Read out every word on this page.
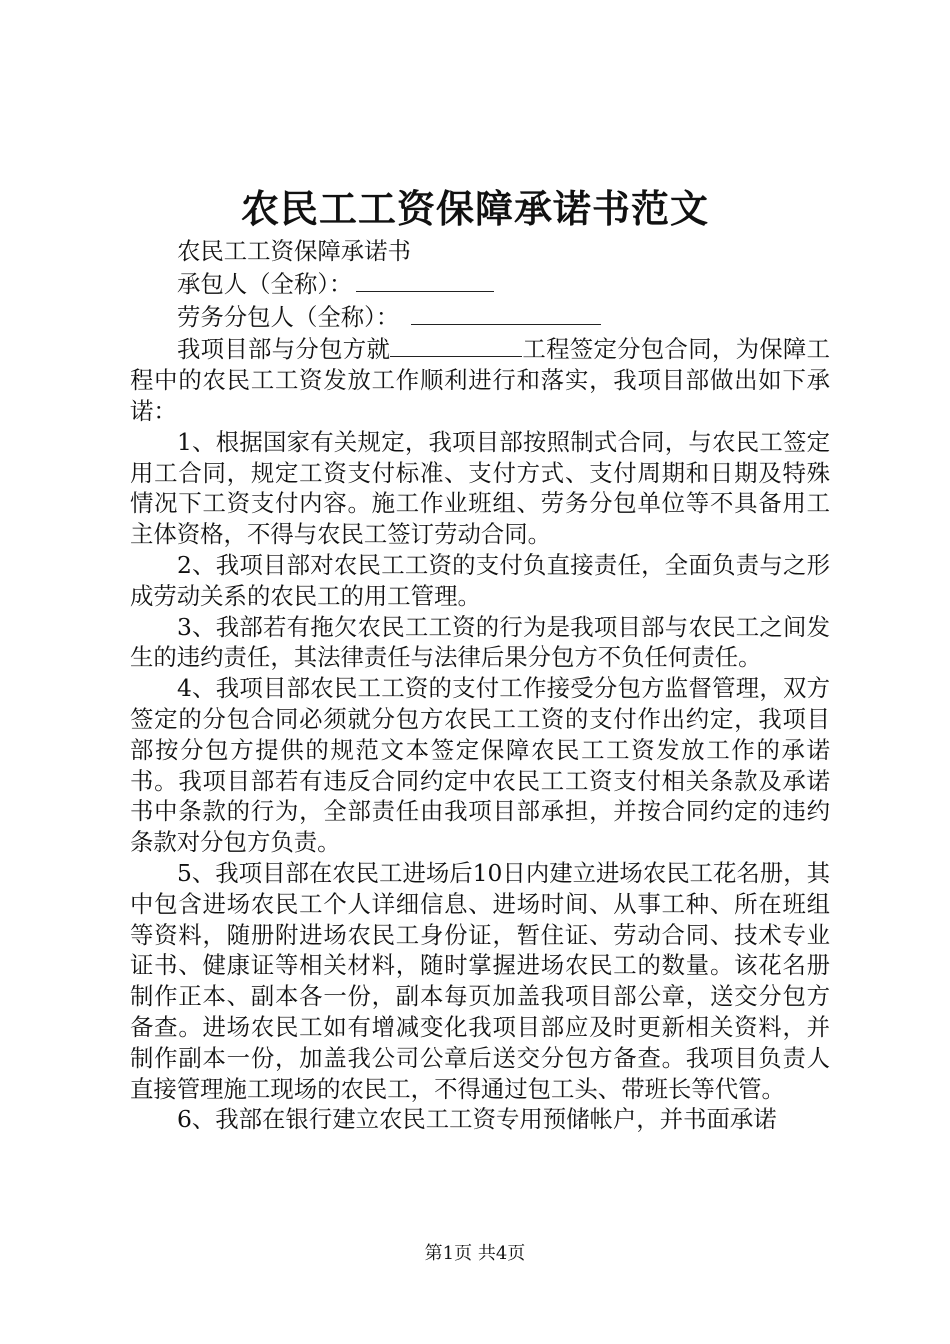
农民工工资保障承诺书范文

农民工工资保障承诺书

承包人（全称）：

劳务分包人（全称）：

我项目部与分包方就	工程签定分包合同，为保障工程中的农民工工资发放工作顺利进行和落实，我项目部做出如下承诺：

1、根据国家有关规定，我项目部按照制式合同，与农民工签定用工合同，规定工资支付标准、支付方式、支付周期和日期及特殊情况下工资支付内容。施工作业班组、劳务分包单位等不具备用工主体资格，不得与农民工签订劳动合同。

2、我项目部对农民工工资的支付负直接责任，全面负责与之形成劳动关系的农民工的用工管理。

3、我部若有拖欠农民工工资的行为是我项目部与农民工之间发生的违约责任，其法律责任与法律后果分包方不负任何责任。

4、我项目部农民工工资的支付工作接受分包方监督管理，双方签定的分包合同必须就分包方农民工工资的支付作出约定，我项目部按分包方提供的规范文本签定保障农民工工资发放工作的承诺书。我项目部若有违反合同约定中农民工工资支付相关条款及承诺书中条款的行为，全部责任由我项目部承担，并按合同约定的违约条款对分包方负责。

5、我项目部在农民工进场后10日内建立进场农民工花名册，其中包含进场农民工个人详细信息、进场时间、从事工种、所在班组等资料，随册附进场农民工身份证，暂住证、劳动合同、技术专业证书、健康证等相关材料，随时掌握进场农民工的数量。该花名册制作正本、副本各一份，副本每页加盖我项目部公章，送交分包方备查。进场农民工如有增减变化我项目部应及时更新相关资料，并制作副本一份，加盖我公司公章后送交分包方备查。我项目负责人直接管理施工现场的农民工，不得通过包工头、带班长等代管。

6、我部在银行建立农民工工资专用预储帐户，并书面承诺

第1页 共4页
